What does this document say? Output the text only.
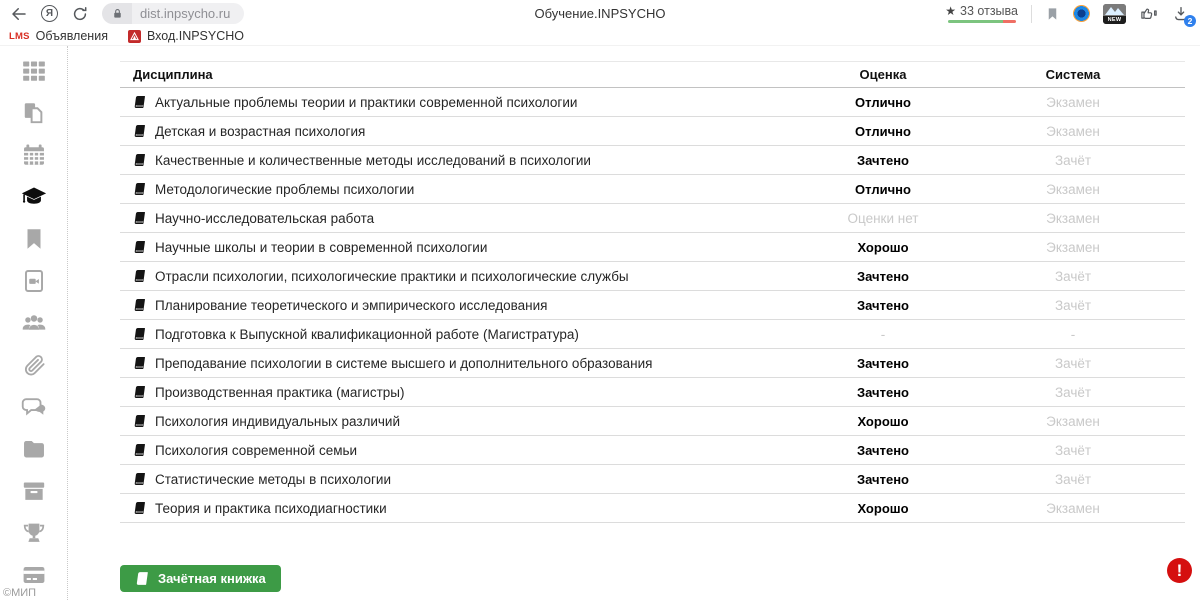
Я	dist.inpsycho.ru	Обучение.INPSYCHO	★ 33 отзыва
NEW	2
LMS Объявления	Вход.INPSYCHO
©МИП
Дисциплина	Оценка	Система
Актуальные проблемы теории и практики современной психологии	Отлично	Экзамен
Детская и возрастная психология	Отлично	Экзамен
Качественные и количественные методы исследований в психологии	Зачтено	Зачёт
Методологические проблемы психологии	Отлично	Экзамен
Научно-исследовательская работа	Оценки нет	Экзамен
Научные школы и теории в современной психологии	Хорошо	Экзамен
Отрасли психологии, психологические практики и психологические службы	Зачтено	Зачёт
Планирование теоретического и эмпирического исследования	Зачтено	Зачёт
Подготовка к Выпускной квалификационной работе (Магистратура)	-	-
Преподавание психологии в системе высшего и дополнительного образования	Зачтено	Зачёт
Производственная практика (магистры)	Зачтено	Зачёт
Психология индивидуальных различий	Хорошо	Экзамен
Психология современной семьи	Зачтено	Зачёт
Статистические методы в психологии	Зачтено	Зачёт
Теория и практика психодиагностики	Хорошо	Экзамен
Зачётная книжка	!
